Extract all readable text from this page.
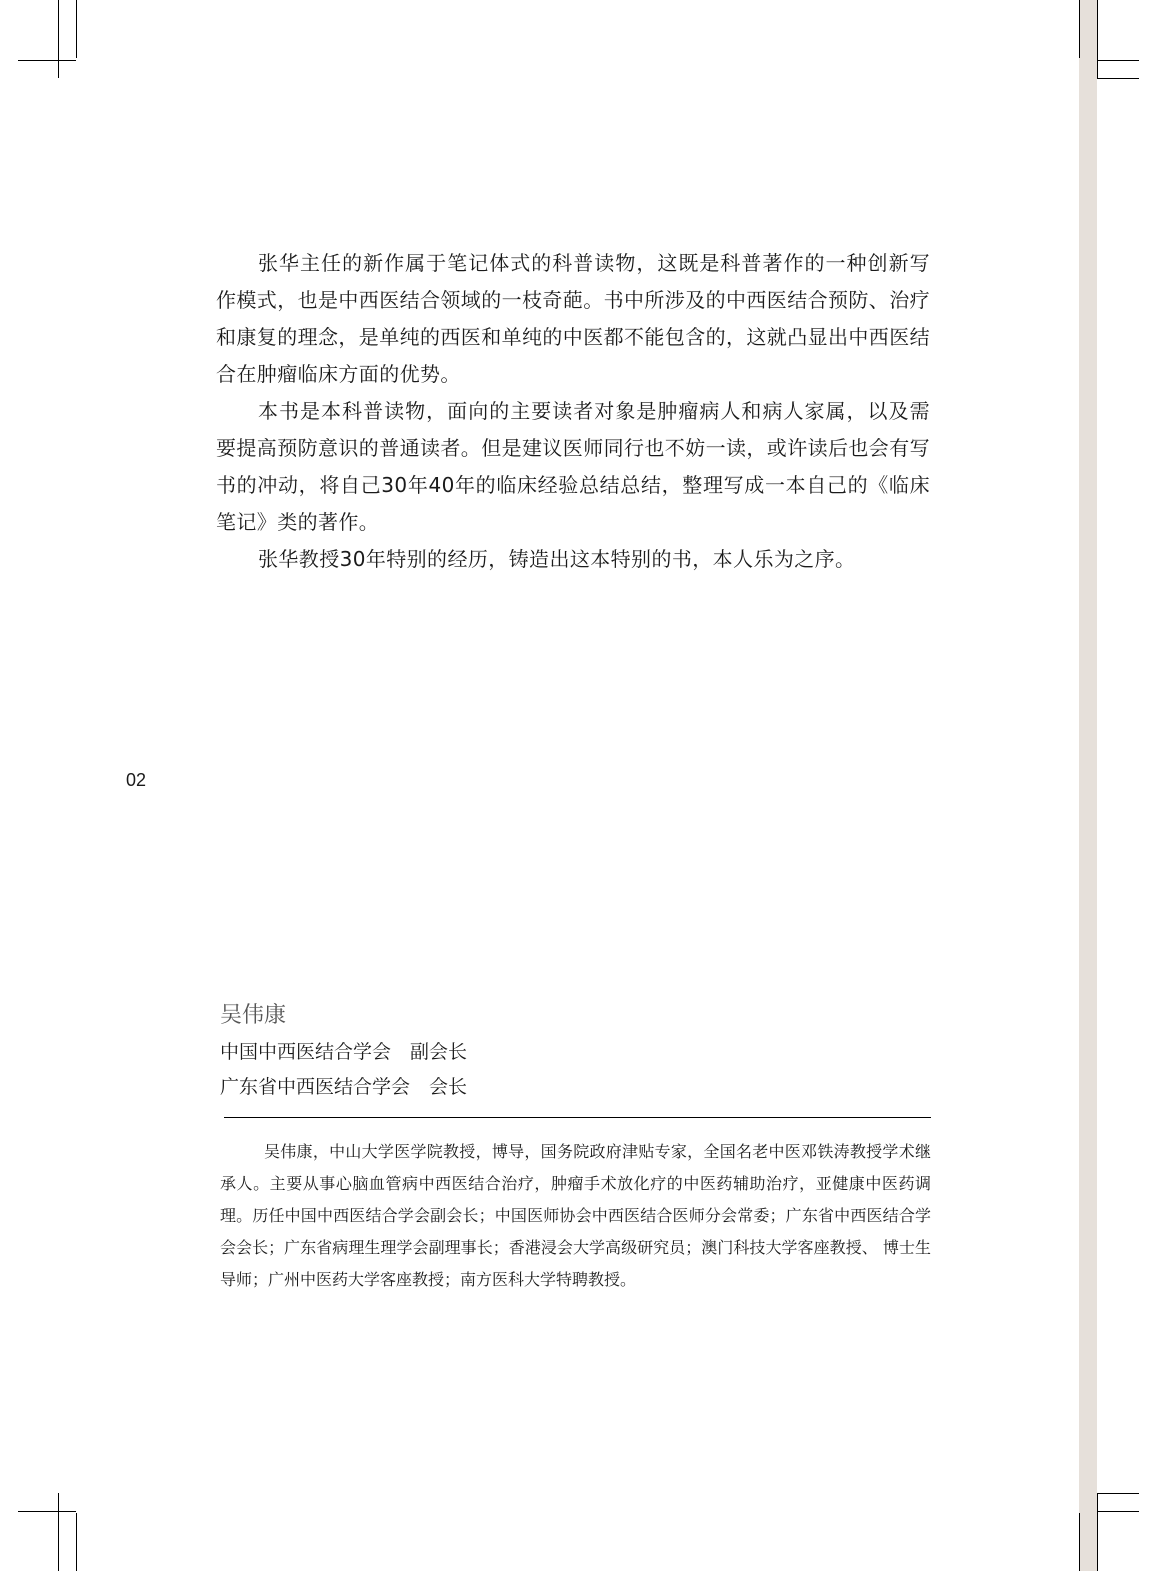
张华主任的新作属于笔记体式的科普读物，这既是科普著作的一种创新写作模式，也是中西医结合领域的一枝奇葩。书中所涉及的中西医结合预防、治疗和康复的理念，是单纯的西医和单纯的中医都不能包含的，这就凸显出中西医结合在肿瘤临床方面的优势。

本书是本科普读物，面向的主要读者对象是肿瘤病人和病人家属，以及需要提高预防意识的普通读者。但是建议医师同行也不妨一读，或许读后也会有写书的冲动，将自己30年40年的临床经验总结总结，整理写成一本自己的《临床笔记》类的著作。

张华教授30年特别的经历，铸造出这本特别的书，本人乐为之序。

02
吴伟康
中国中西医结合学会　副会长
广东省中西医结合学会　会长

吴伟康，中山大学医学院教授，博导，国务院政府津贴专家，全国名老中医邓铁涛教授学术继承人。主要从事心脑血管病中西医结合治疗，肿瘤手术放化疗的中医药辅助治疗，亚健康中医药调理。历任中国中西医结合学会副会长；中国医师协会中西医结合医师分会常委；广东省中西医结合学会会长；广东省病理生理学会副理事长；香港浸会大学高级研究员；澳门科技大学客座教授、 博士生导师；广州中医药大学客座教授；南方医科大学特聘教授。
